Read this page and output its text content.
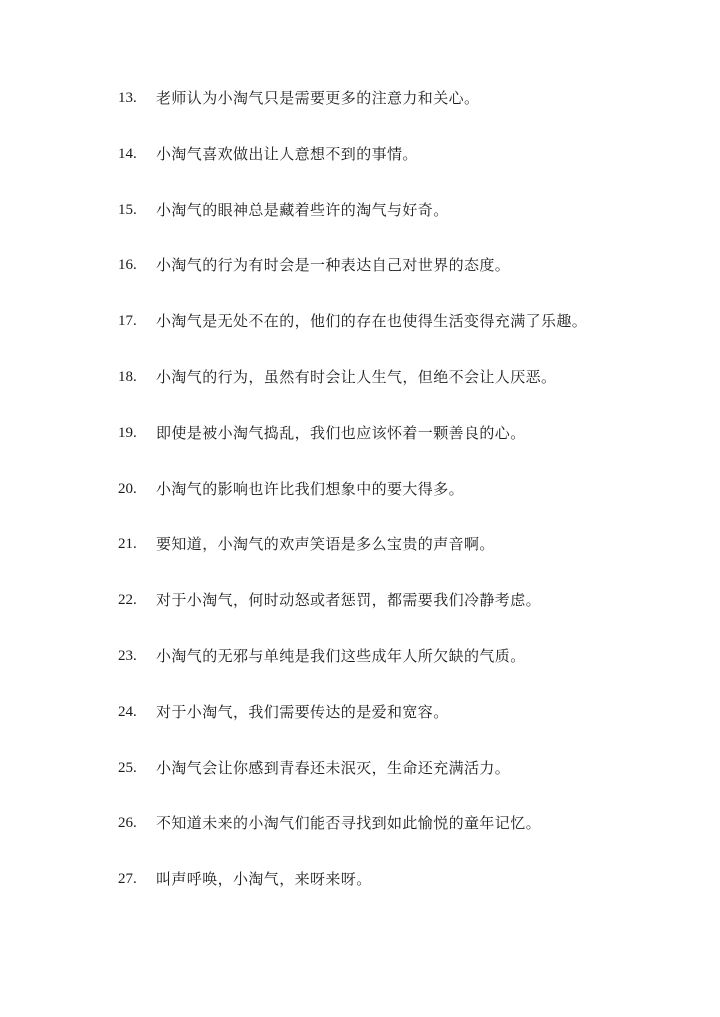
13.	老师认为小淘气只是需要更多的注意力和关心。
14.	小淘气喜欢做出让人意想不到的事情。
15.	小淘气的眼神总是藏着些许的淘气与好奇。
16.	小淘气的行为有时会是一种表达自己对世界的态度。
17.	小淘气是无处不在的，他们的存在也使得生活变得充满了乐趣。
18.	小淘气的行为，虽然有时会让人生气，但绝不会让人厌恶。
19.	即使是被小淘气捣乱，我们也应该怀着一颗善良的心。
20.	小淘气的影响也许比我们想象中的要大得多。
21.	要知道，小淘气的欢声笑语是多么宝贵的声音啊。
22.	对于小淘气，何时动怒或者惩罚，都需要我们冷静考虑。
23.	小淘气的无邪与单纯是我们这些成年人所欠缺的气质。
24.	对于小淘气，我们需要传达的是爱和宽容。
25.	小淘气会让你感到青春还未泯灭，生命还充满活力。
26.	不知道未来的小淘气们能否寻找到如此愉悦的童年记忆。
27.	叫声呼唤，小淘气，来呀来呀。
